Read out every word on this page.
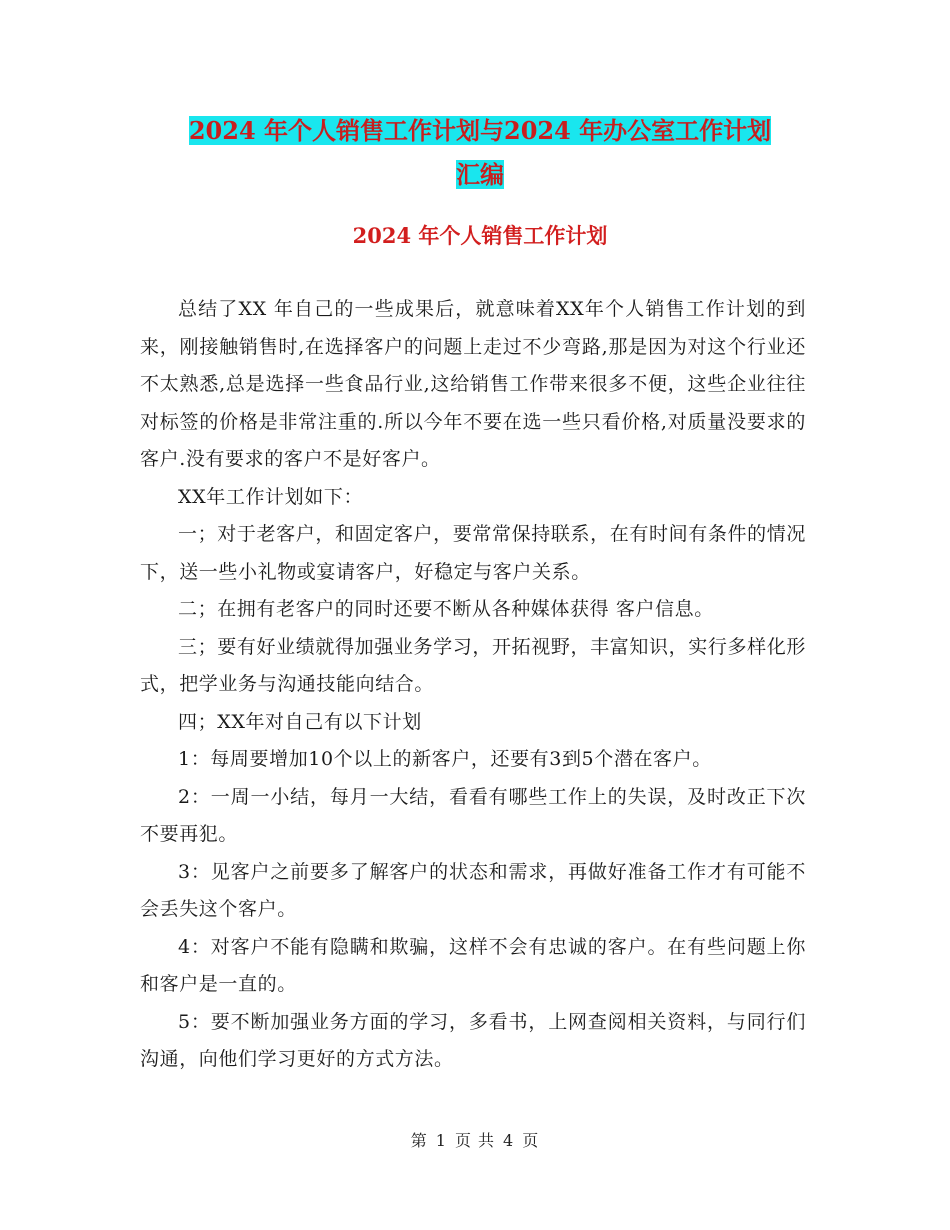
2024 年个人销售工作计划与2024 年办公室工作计划
汇编
2024 年个人销售工作计划

总结了XX 年自己的一些成果后，就意味着XX年个人销售工作计划的到来，刚接触销售时,在选择客户的问题上走过不少弯路,那是因为对这个行业还不太熟悉,总是选择一些食品行业,这给销售工作带来很多不便，这些企业往往对标签的价格是非常注重的.所以今年不要在选一些只看价格,对质量没要求的客户.没有要求的客户不是好客户。

XX年工作计划如下：

一；对于老客户，和固定客户，要常常保持联系，在有时间有条件的情况下，送一些小礼物或宴请客户，好稳定与客户关系。

二；在拥有老客户的同时还要不断从各种媒体获得 客户信息。

三；要有好业绩就得加强业务学习，开拓视野，丰富知识，实行多样化形式，把学业务与沟通技能向结合。

四；XX年对自己有以下计划

1：每周要增加10个以上的新客户，还要有3到5个潜在客户。

2：一周一小结，每月一大结，看看有哪些工作上的失误，及时改正下次不要再犯。

3：见客户之前要多了解客户的状态和需求，再做好准备工作才有可能不会丢失这个客户。

4：对客户不能有隐瞒和欺骗，这样不会有忠诚的客户。在有些问题上你和客户是一直的。

5：要不断加强业务方面的学习，多看书，上网查阅相关资料，与同行们沟通，向他们学习更好的方式方法。

第 1 页 共 4 页
